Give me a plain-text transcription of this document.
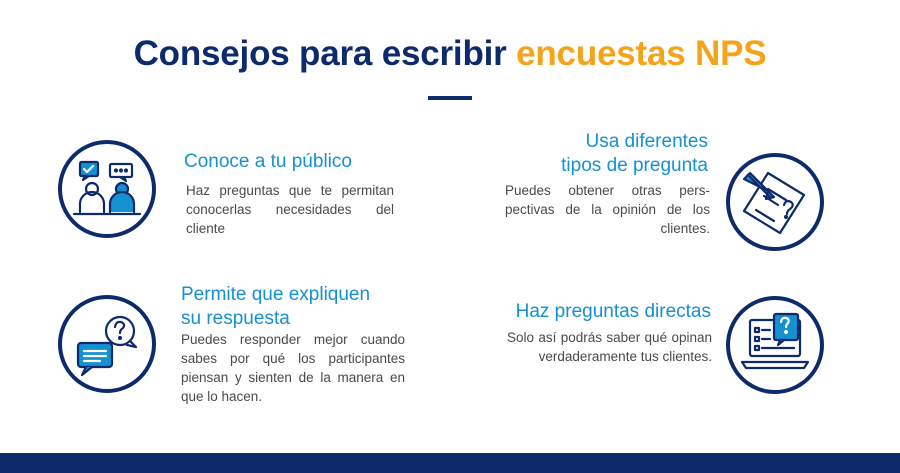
Consejos para escribir encuestas NPS
Conoce a tu público

Haz preguntas que te permitan conocerlas necesidades del cliente

Usa diferentes
tipos de pregunta

Puedes obtener otras pers-pectivas de la opinión de los clientes.

Permite que expliquen
su respuesta

Puedes responder mejor cuando sabes por qué los participantes piensan y sienten de la manera en que lo hacen.

Haz preguntas directas

Solo así podrás saber qué opinan verdaderamente tus clientes.
